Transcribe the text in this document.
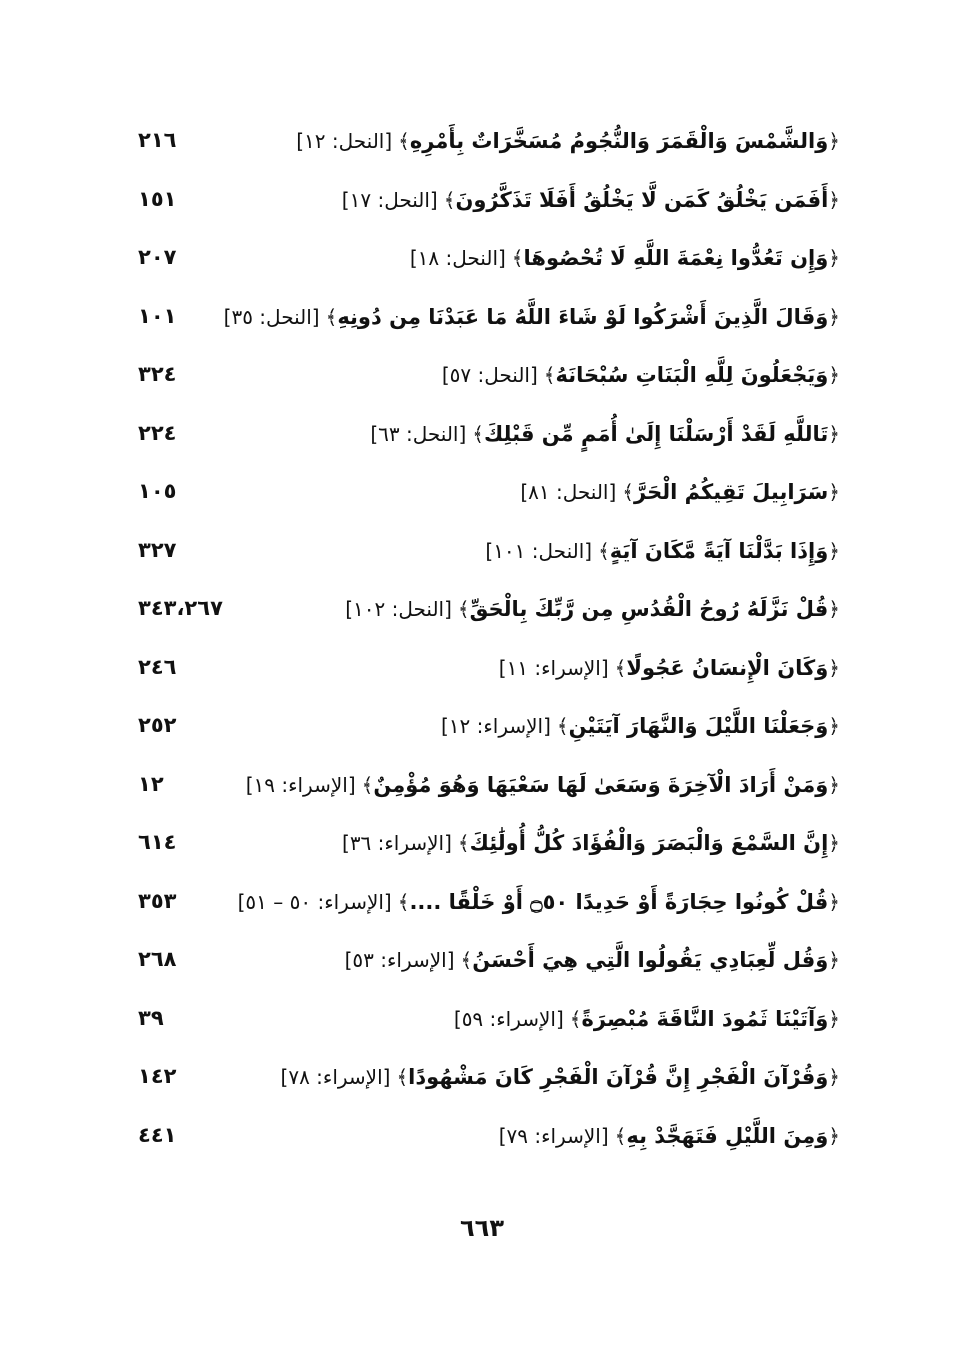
٢١٦	﴿وَالشَّمْسَ وَالْقَمَرَ وَالنُّجُومُ مُسَخَّرَاتٌ بِأَمْرِهِ﴾[النحل: ١٢]
١٥١	﴿أَفَمَن يَخْلُقُ كَمَن لَّا يَخْلُقُ أَفَلَا تَذَكَّرُونَ﴾[النحل: ١٧]
٢٠٧	﴿وَإِن تَعُدُّوا نِعْمَةَ اللَّهِ لَا تُحْصُوهَا﴾[النحل: ١٨]
١٠١	﴿وَقَالَ الَّذِينَ أَشْرَكُوا لَوْ شَاءَ اللَّهُ مَا عَبَدْنَا مِن دُونِهِ﴾[النحل: ٣٥]
٣٢٤	﴿وَيَجْعَلُونَ لِلَّهِ الْبَنَاتِ سُبْحَانَهُ﴾[النحل: ٥٧]
٢٢٤	﴿تَاللَّهِ لَقَدْ أَرْسَلْنَا إِلَىٰ أُمَمٍ مِّن قَبْلِكَ﴾[النحل: ٦٣]
١٠٥	﴿سَرَابِيلَ تَقِيكُمُ الْحَرَّ﴾[النحل: ٨١]
٣٢٧	﴿وَإِذَا بَدَّلْنَا آيَةً مَّكَانَ آيَةٍ﴾[النحل: ١٠١]
٣٤٣،٢٦٧	﴿قُلْ نَزَّلَهُ رُوحُ الْقُدُسِ مِن رَّبِّكَ بِالْحَقِّ﴾[النحل: ١٠٢]
٢٤٦	﴿وَكَانَ الْإِنسَانُ عَجُولًا﴾[الإسراء: ١١]
٢٥٢	﴿وَجَعَلْنَا اللَّيْلَ وَالنَّهَارَ آيَتَيْنِ﴾[الإسراء: ١٢]
١٢	﴿وَمَنْ أَرَادَ الْآخِرَةَ وَسَعَىٰ لَهَا سَعْيَهَا وَهُوَ مُؤْمِنٌ﴾[الإسراء: ١٩]
٦١٤	﴿إِنَّ السَّمْعَ وَالْبَصَرَ وَالْفُؤَادَ كُلُّ أُولَٰئِكَ﴾[الإسراء: ٣٦]
٣٥٣	﴿قُلْ كُونُوا حِجَارَةً أَوْ حَدِيدًا ۝٥٠ أَوْ خَلْقًا ....﴾[الإسراء: ٥٠ – ٥١]
٢٦٨	﴿وَقُل لِّعِبَادِي يَقُولُوا الَّتِي هِيَ أَحْسَنُ﴾[الإسراء: ٥٣]
٣٩	﴿وَآتَيْنَا ثَمُودَ النَّاقَةَ مُبْصِرَةً﴾[الإسراء: ٥٩]
١٤٢	﴿وَقُرْآنَ الْفَجْرِ إِنَّ قُرْآنَ الْفَجْرِ كَانَ مَشْهُودًا﴾[الإسراء: ٧٨]
٤٤١	﴿وَمِنَ اللَّيْلِ فَتَهَجَّدْ بِهِ﴾[الإسراء: ٧٩]
٦٦٣
